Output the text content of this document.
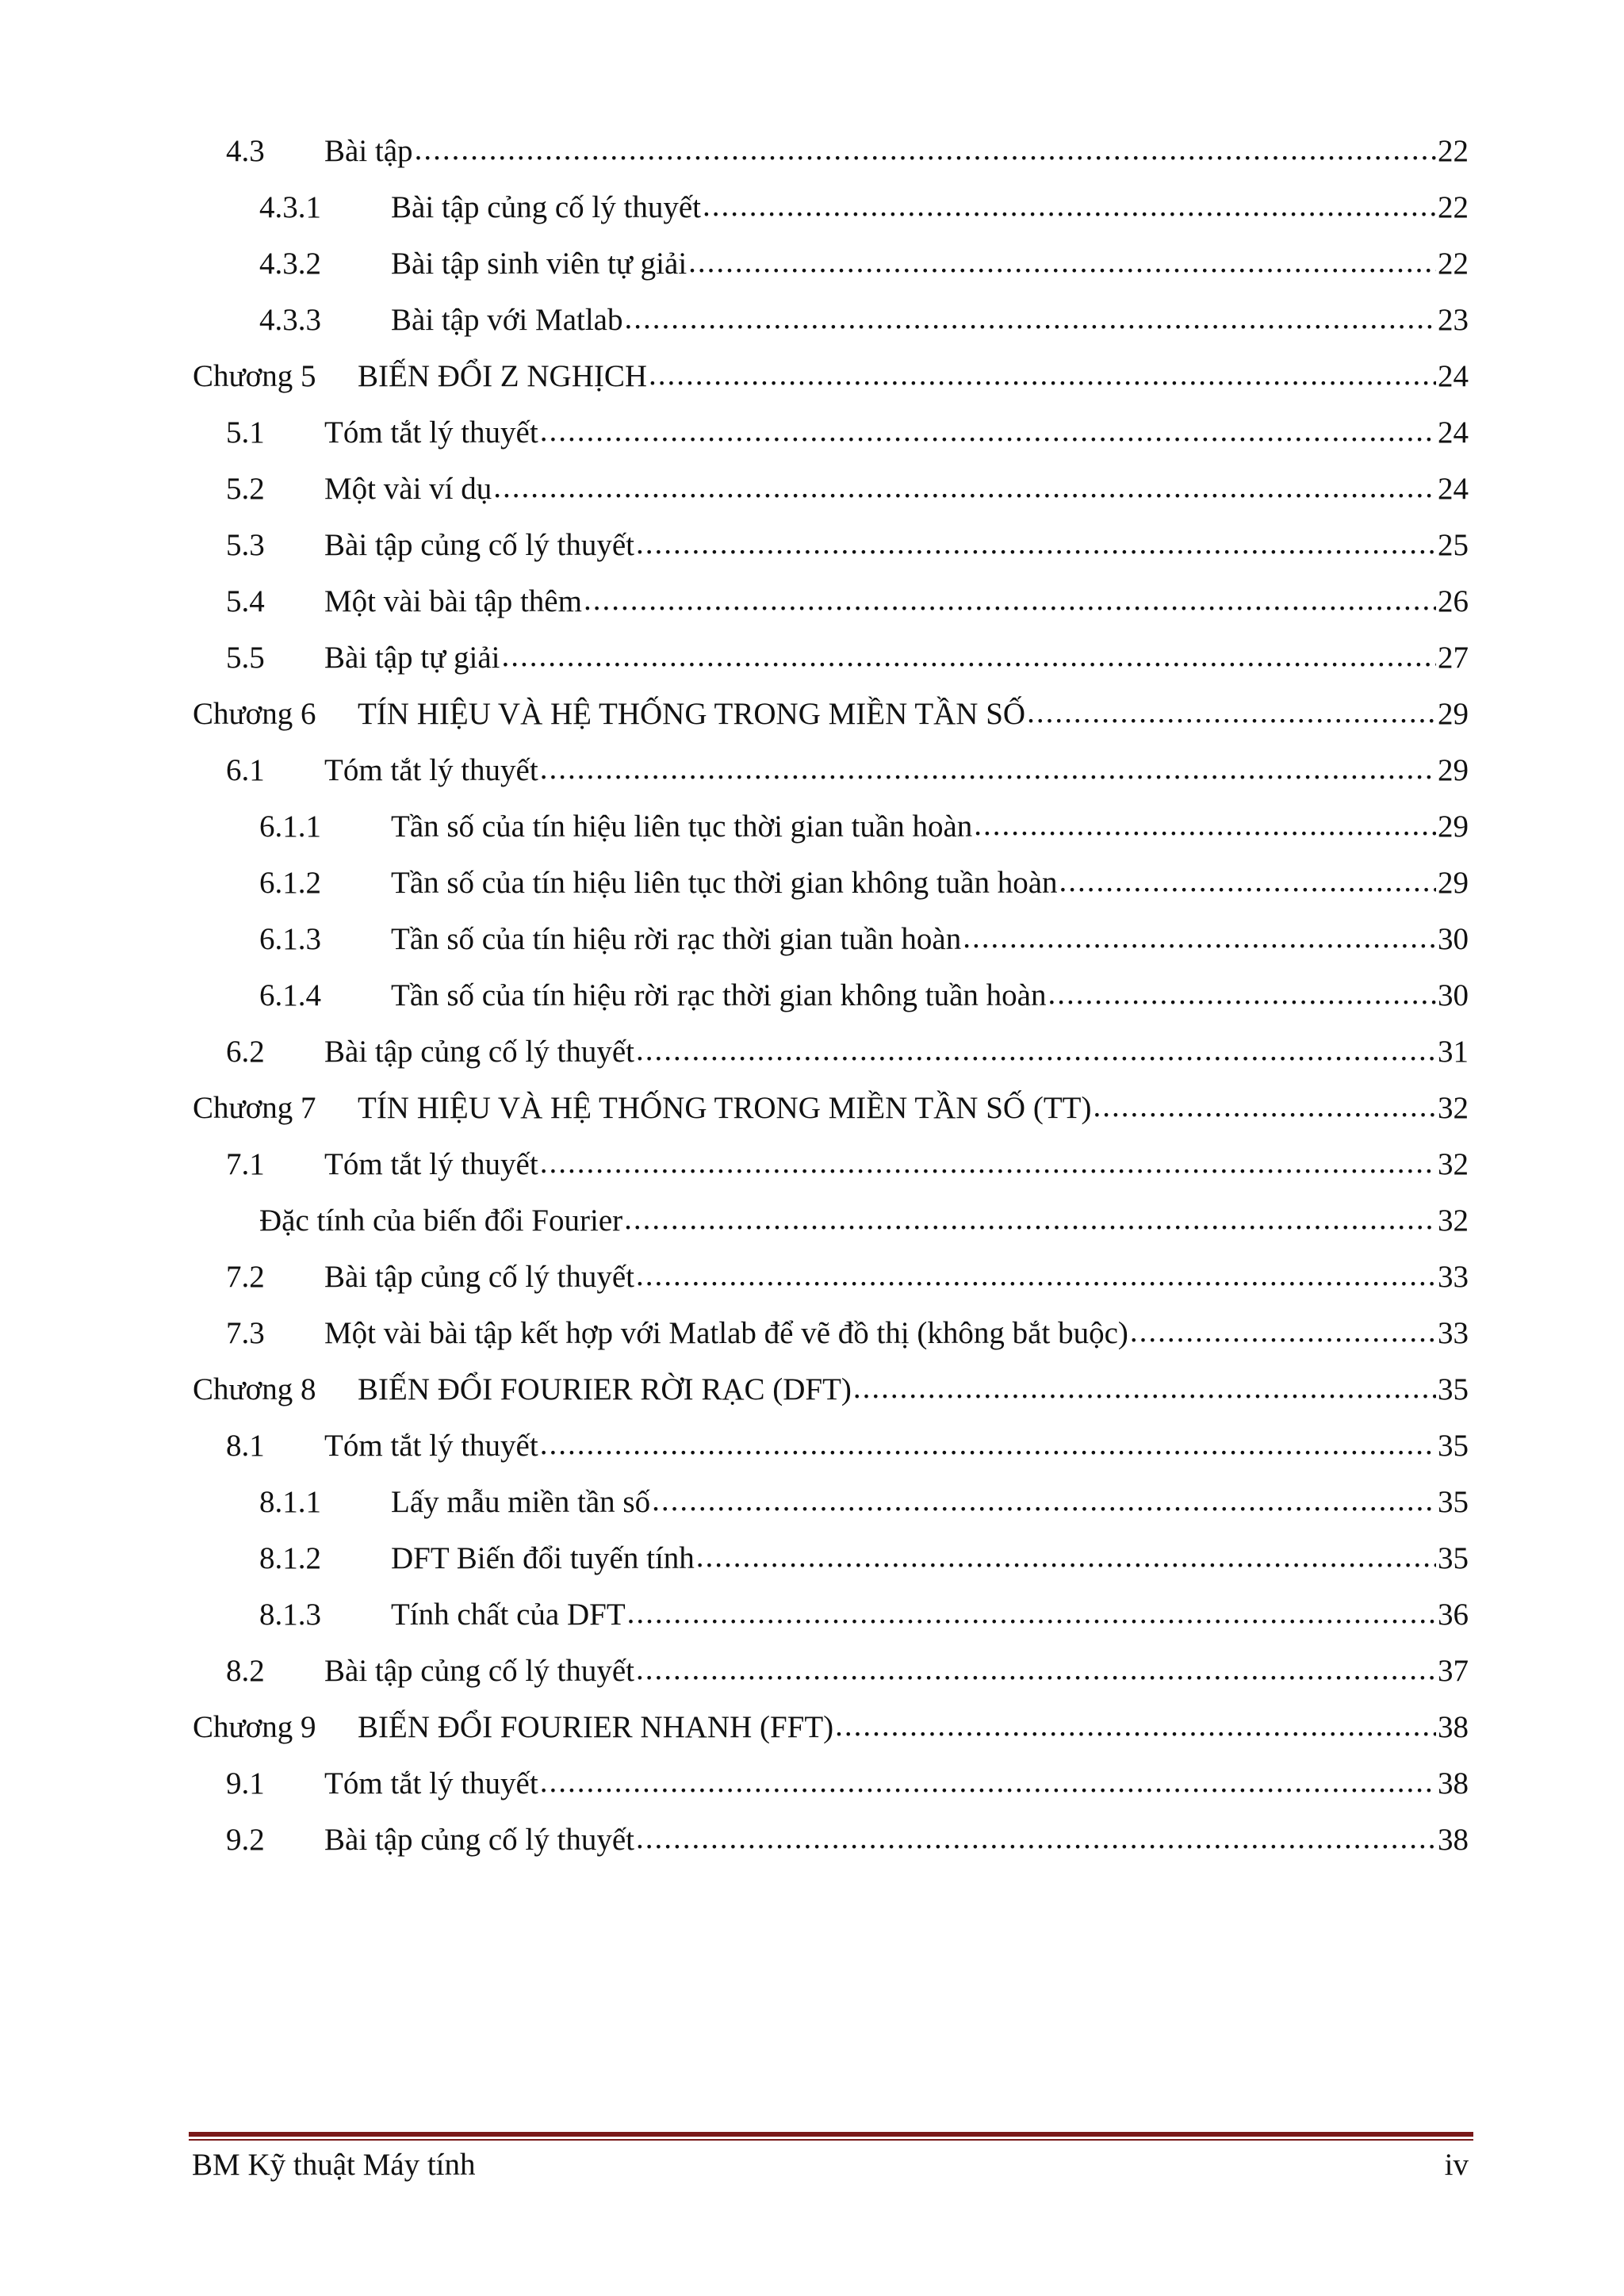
4.3	Bài tập .....	22
4.3.1	Bài tập củng cố lý thuyết .....	22
4.3.2	Bài tập sinh viên tự giải .....	22
4.3.3	Bài tập với Matlab .....	23
Chương 5	BIẾN ĐỔI Z NGHỊCH .....	24
5.1	Tóm tắt lý thuyết .....	24
5.2	Một vài ví dụ .....	24
5.3	Bài tập củng cố lý thuyết .....	25
5.4	Một vài bài tập thêm .....	26
5.5	Bài tập tự giải .....	27
Chương 6	TÍN HIỆU VÀ HỆ THỐNG TRONG MIỀN TẦN SỐ .....	29
6.1	Tóm tắt lý thuyết .....	29
6.1.1	Tần số của tín hiệu liên tục thời gian tuần hoàn .....	29
6.1.2	Tần số của tín hiệu liên tục thời gian không tuần hoàn .....	29
6.1.3	Tần số của tín hiệu rời rạc thời gian tuần hoàn .....	30
6.1.4	Tần số của tín hiệu rời rạc thời gian không tuần hoàn .....	30
6.2	Bài tập củng cố lý thuyết .....	31
Chương 7	TÍN HIỆU VÀ HỆ THỐNG TRONG MIỀN TẦN SỐ (TT) .....	32
7.1	Tóm tắt lý thuyết .....	32
Đặc tính của biến đổi Fourier .....	32
7.2	Bài tập củng cố lý thuyết .....	33
7.3	Một vài bài tập kết hợp với Matlab để vẽ đồ thị (không bắt buộc) .....	33
Chương 8	BIẾN ĐỔI FOURIER RỜI RẠC (DFT) .....	35
8.1	Tóm tắt lý thuyết .....	35
8.1.1	Lấy mẫu miền tần số .....	35
8.1.2	DFT Biến đổi tuyến tính .....	35
8.1.3	Tính chất của DFT .....	36
8.2	Bài tập củng cố lý thuyết .....	37
Chương 9	BIẾN ĐỔI FOURIER NHANH (FFT) .....	38
9.1	Tóm tắt lý thuyết .....	38
9.2	Bài tập củng cố lý thuyết .....	38
BM Kỹ thuật Máy tính	iv
